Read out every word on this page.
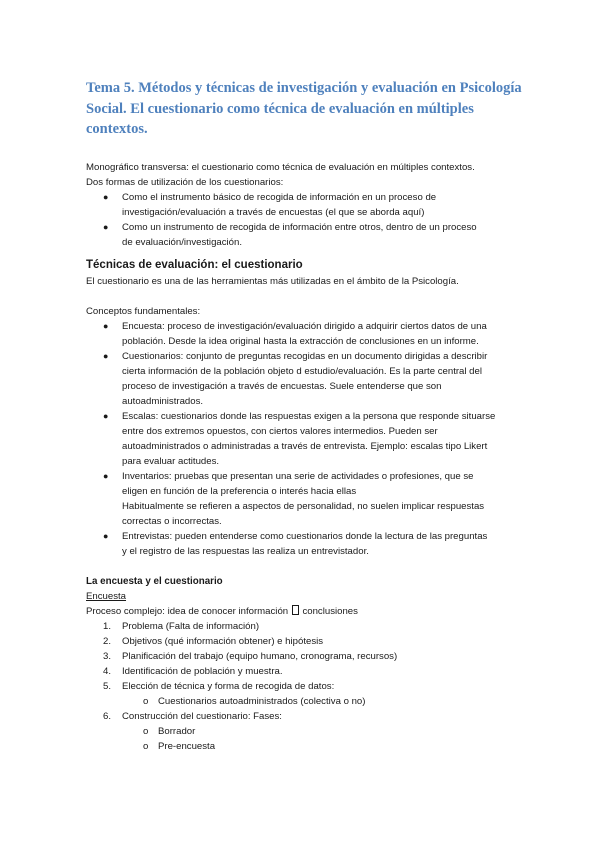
Tema 5. Métodos y técnicas de investigación y evaluación en Psicología Social. El cuestionario como técnica de evaluación en múltiples contextos.

Monográfico transversa: el cuestionario como técnica de evaluación en múltiples contextos.

Dos formas de utilización de los cuestionarios:

● Como el instrumento básico de recogida de información en un proceso de
investigación/evaluación a través de encuestas (el que se aborda aquí)
● Como un instrumento de recogida de información entre otros, dentro de un proceso
de evaluación/investigación.
Técnicas de evaluación: el cuestionario

El cuestionario es una de las herramientas más utilizadas en el ámbito de la Psicología.

Conceptos fundamentales:

● Encuesta: proceso de investigación/evaluación dirigido a adquirir ciertos datos de una
población. Desde la idea original hasta la extracción de conclusiones en un informe.
● Cuestionarios: conjunto de preguntas recogidas en un documento dirigidas a describir
cierta información de la población objeto d estudio/evaluación. Es la parte central del
proceso de investigación a través de encuestas. Suele entenderse que son
autoadministrados.
● Escalas: cuestionarios donde las respuestas exigen a la persona que responde situarse
entre dos extremos opuestos, con ciertos valores intermedios. Pueden ser
autoadministrados o administradas a través de entrevista. Ejemplo: escalas tipo Likert
para evaluar actitudes.
● Inventarios: pruebas que presentan una serie de actividades o profesiones, que se
eligen en función de la preferencia o interés hacia ellas
Habitualmente se refieren a aspectos de personalidad, no suelen implicar respuestas
correctas o incorrectas.
● Entrevistas: pueden entenderse como cuestionarios donde la lectura de las preguntas
y el registro de las respuestas las realiza un entrevistador.
La encuesta y el cuestionario

Encuesta

Proceso complejo: idea de conocer información conclusiones

1. Problema (Falta de información)
2. Objetivos (qué información obtener) e hipótesis
3. Planificación del trabajo (equipo humano, cronograma, recursos)
4. Identificación de población y muestra.
5. Elección de técnica y forma de recogida de datos:
o Cuestionarios autoadministrados (colectiva o no)
6. Construcción del cuestionario: Fases:
o Borrador
o Pre-encuesta
